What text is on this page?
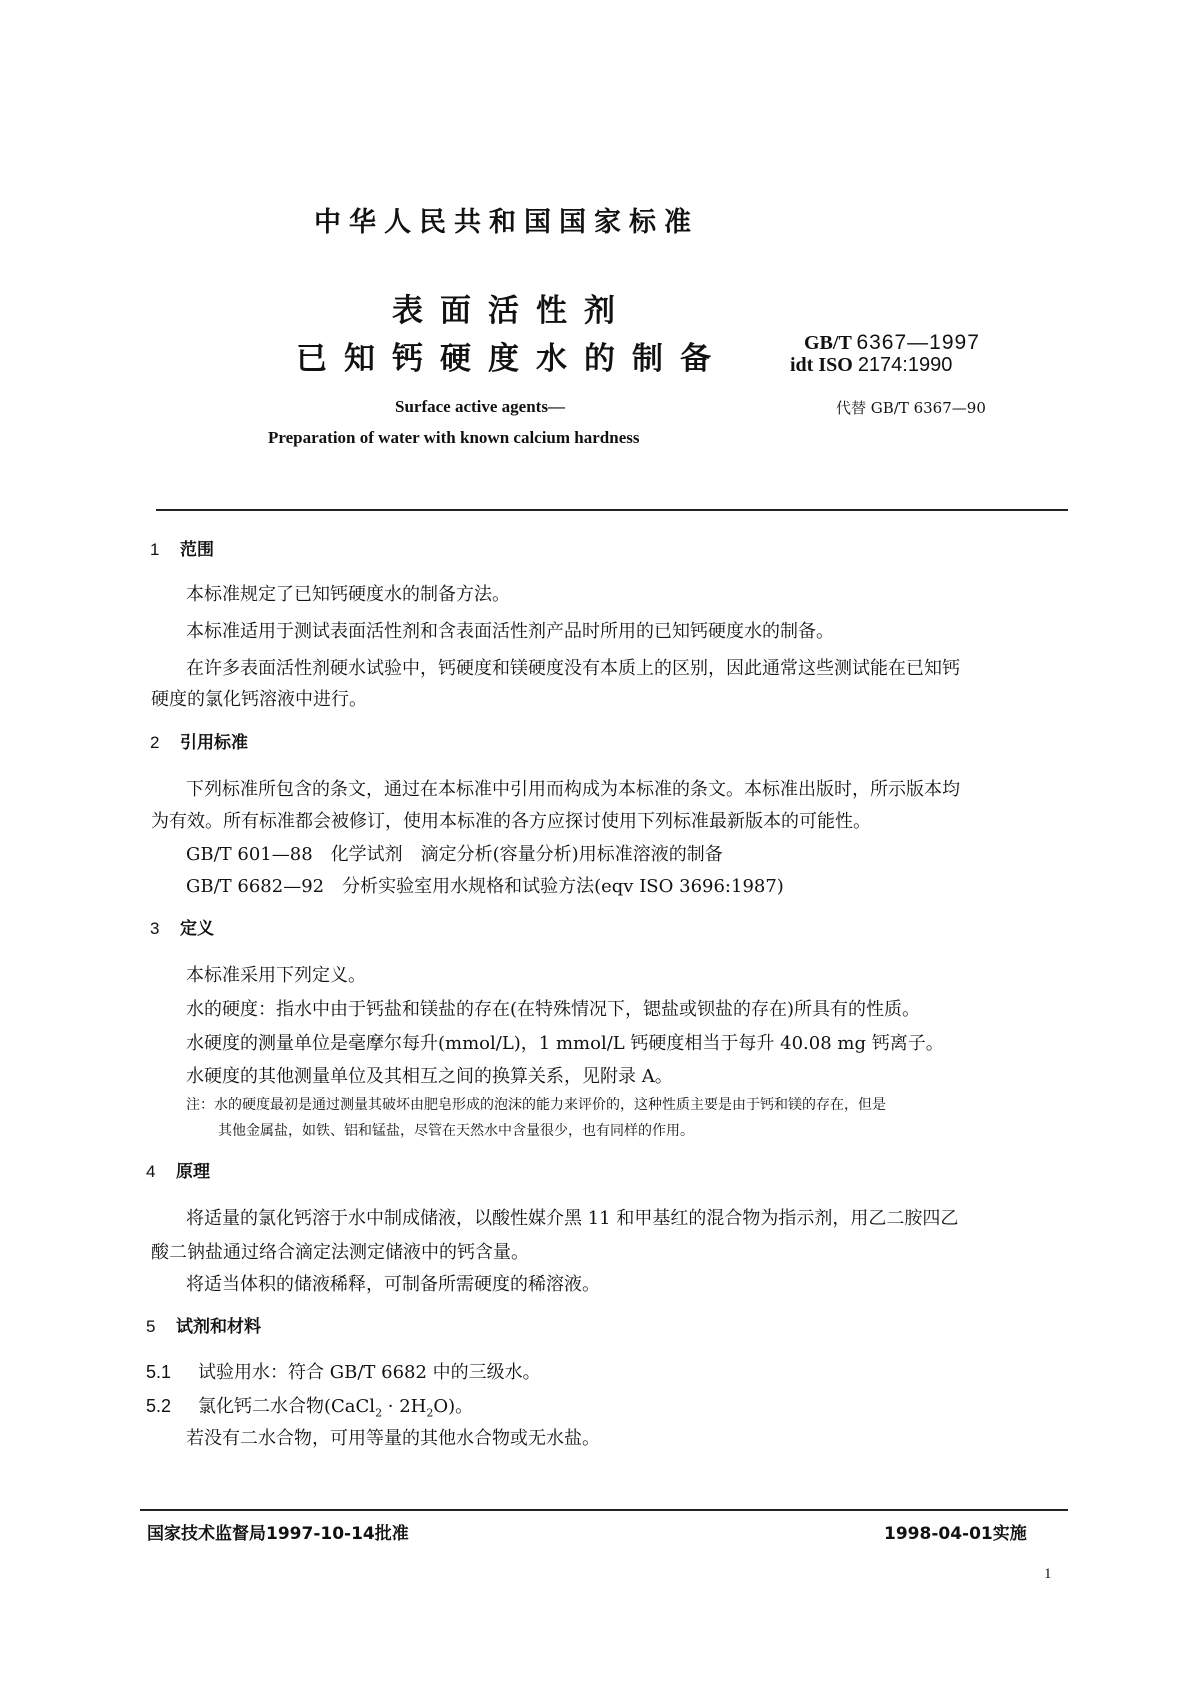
中华人民共和国国家标准
表面活性剂
已知钙硬度水的制备	GB/T 6367—1997
idt ISO 2174:1990
代替 GB/T 6367—90
Surface active agents—
Preparation of water with known calcium hardness
1 范围
本标准规定了已知钙硬度水的制备方法。
本标准适用于测试表面活性剂和含表面活性剂产品时所用的已知钙硬度水的制备。
在许多表面活性剂硬水试验中，钙硬度和镁硬度没有本质上的区别，因此通常这些测试能在已知钙
硬度的氯化钙溶液中进行。
2 引用标准
下列标准所包含的条文，通过在本标准中引用而构成为本标准的条文。本标准出版时，所示版本均
为有效。所有标准都会被修订，使用本标准的各方应探讨使用下列标准最新版本的可能性。
GB/T 601—88　化学试剂　滴定分析(容量分析)用标准溶液的制备
GB/T 6682—92　分析实验室用水规格和试验方法(eqv ISO 3696:1987)
3 定义
本标准采用下列定义。
水的硬度：指水中由于钙盐和镁盐的存在(在特殊情况下，锶盐或钡盐的存在)所具有的性质。
水硬度的测量单位是毫摩尔每升(mmol/L)，1 mmol/L 钙硬度相当于每升 40.08 mg 钙离子。
水硬度的其他测量单位及其相互之间的换算关系，见附录 A。
注：水的硬度最初是通过测量其破坏由肥皂形成的泡沫的能力来评价的，这种性质主要是由于钙和镁的存在，但是
其他金属盐，如铁、铝和锰盐，尽管在天然水中含量很少，也有同样的作用。
4 原理
将适量的氯化钙溶于水中制成储液，以酸性媒介黑 11 和甲基红的混合物为指示剂，用乙二胺四乙
酸二钠盐通过络合滴定法测定储液中的钙含量。
将适当体积的储液稀释，可制备所需硬度的稀溶液。
5 试剂和材料
5.1 试验用水：符合 GB/T 6682 中的三级水。
5.2 氯化钙二水合物(CaCl$_2$ · $2H_2O$)。
若没有二水合物，可用等量的其他水合物或无水盐。
国家技术监督局1997-10-14批准	1998-04-01实施
1
